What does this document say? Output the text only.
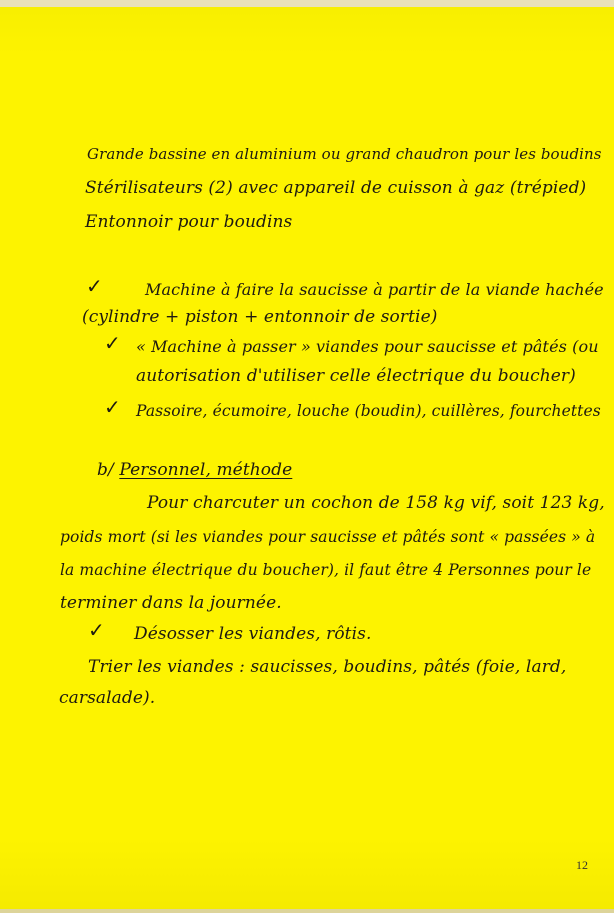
Grande bassine en aluminium ou grand chaudron pour les boudins
Stérilisateurs (2) avec appareil de cuisson à gaz (trépied)
Entonnoir pour boudins
✓	Machine à faire la saucisse à partir de la viande hachée
(cylindre + piston + entonnoir de sortie)
✓ « Machine à passer » viandes pour saucisse et pâtés (ou
autorisation d'utiliser celle électrique du boucher)
✓ Passoire, écumoire, louche (boudin), cuillères, fourchettes
b/ Personnel, méthode
Pour charcuter un cochon de 158 kg vif, soit 123 kg,
poids mort (si les viandes pour saucisse et pâtés sont « passées » à
la machine électrique du boucher), il faut être 4 Personnes pour le
terminer dans la journée.
✓ Désosser les viandes, rôtis.
Trier les viandes : saucisses, boudins, pâtés (foie, lard,
carsalade).
12
